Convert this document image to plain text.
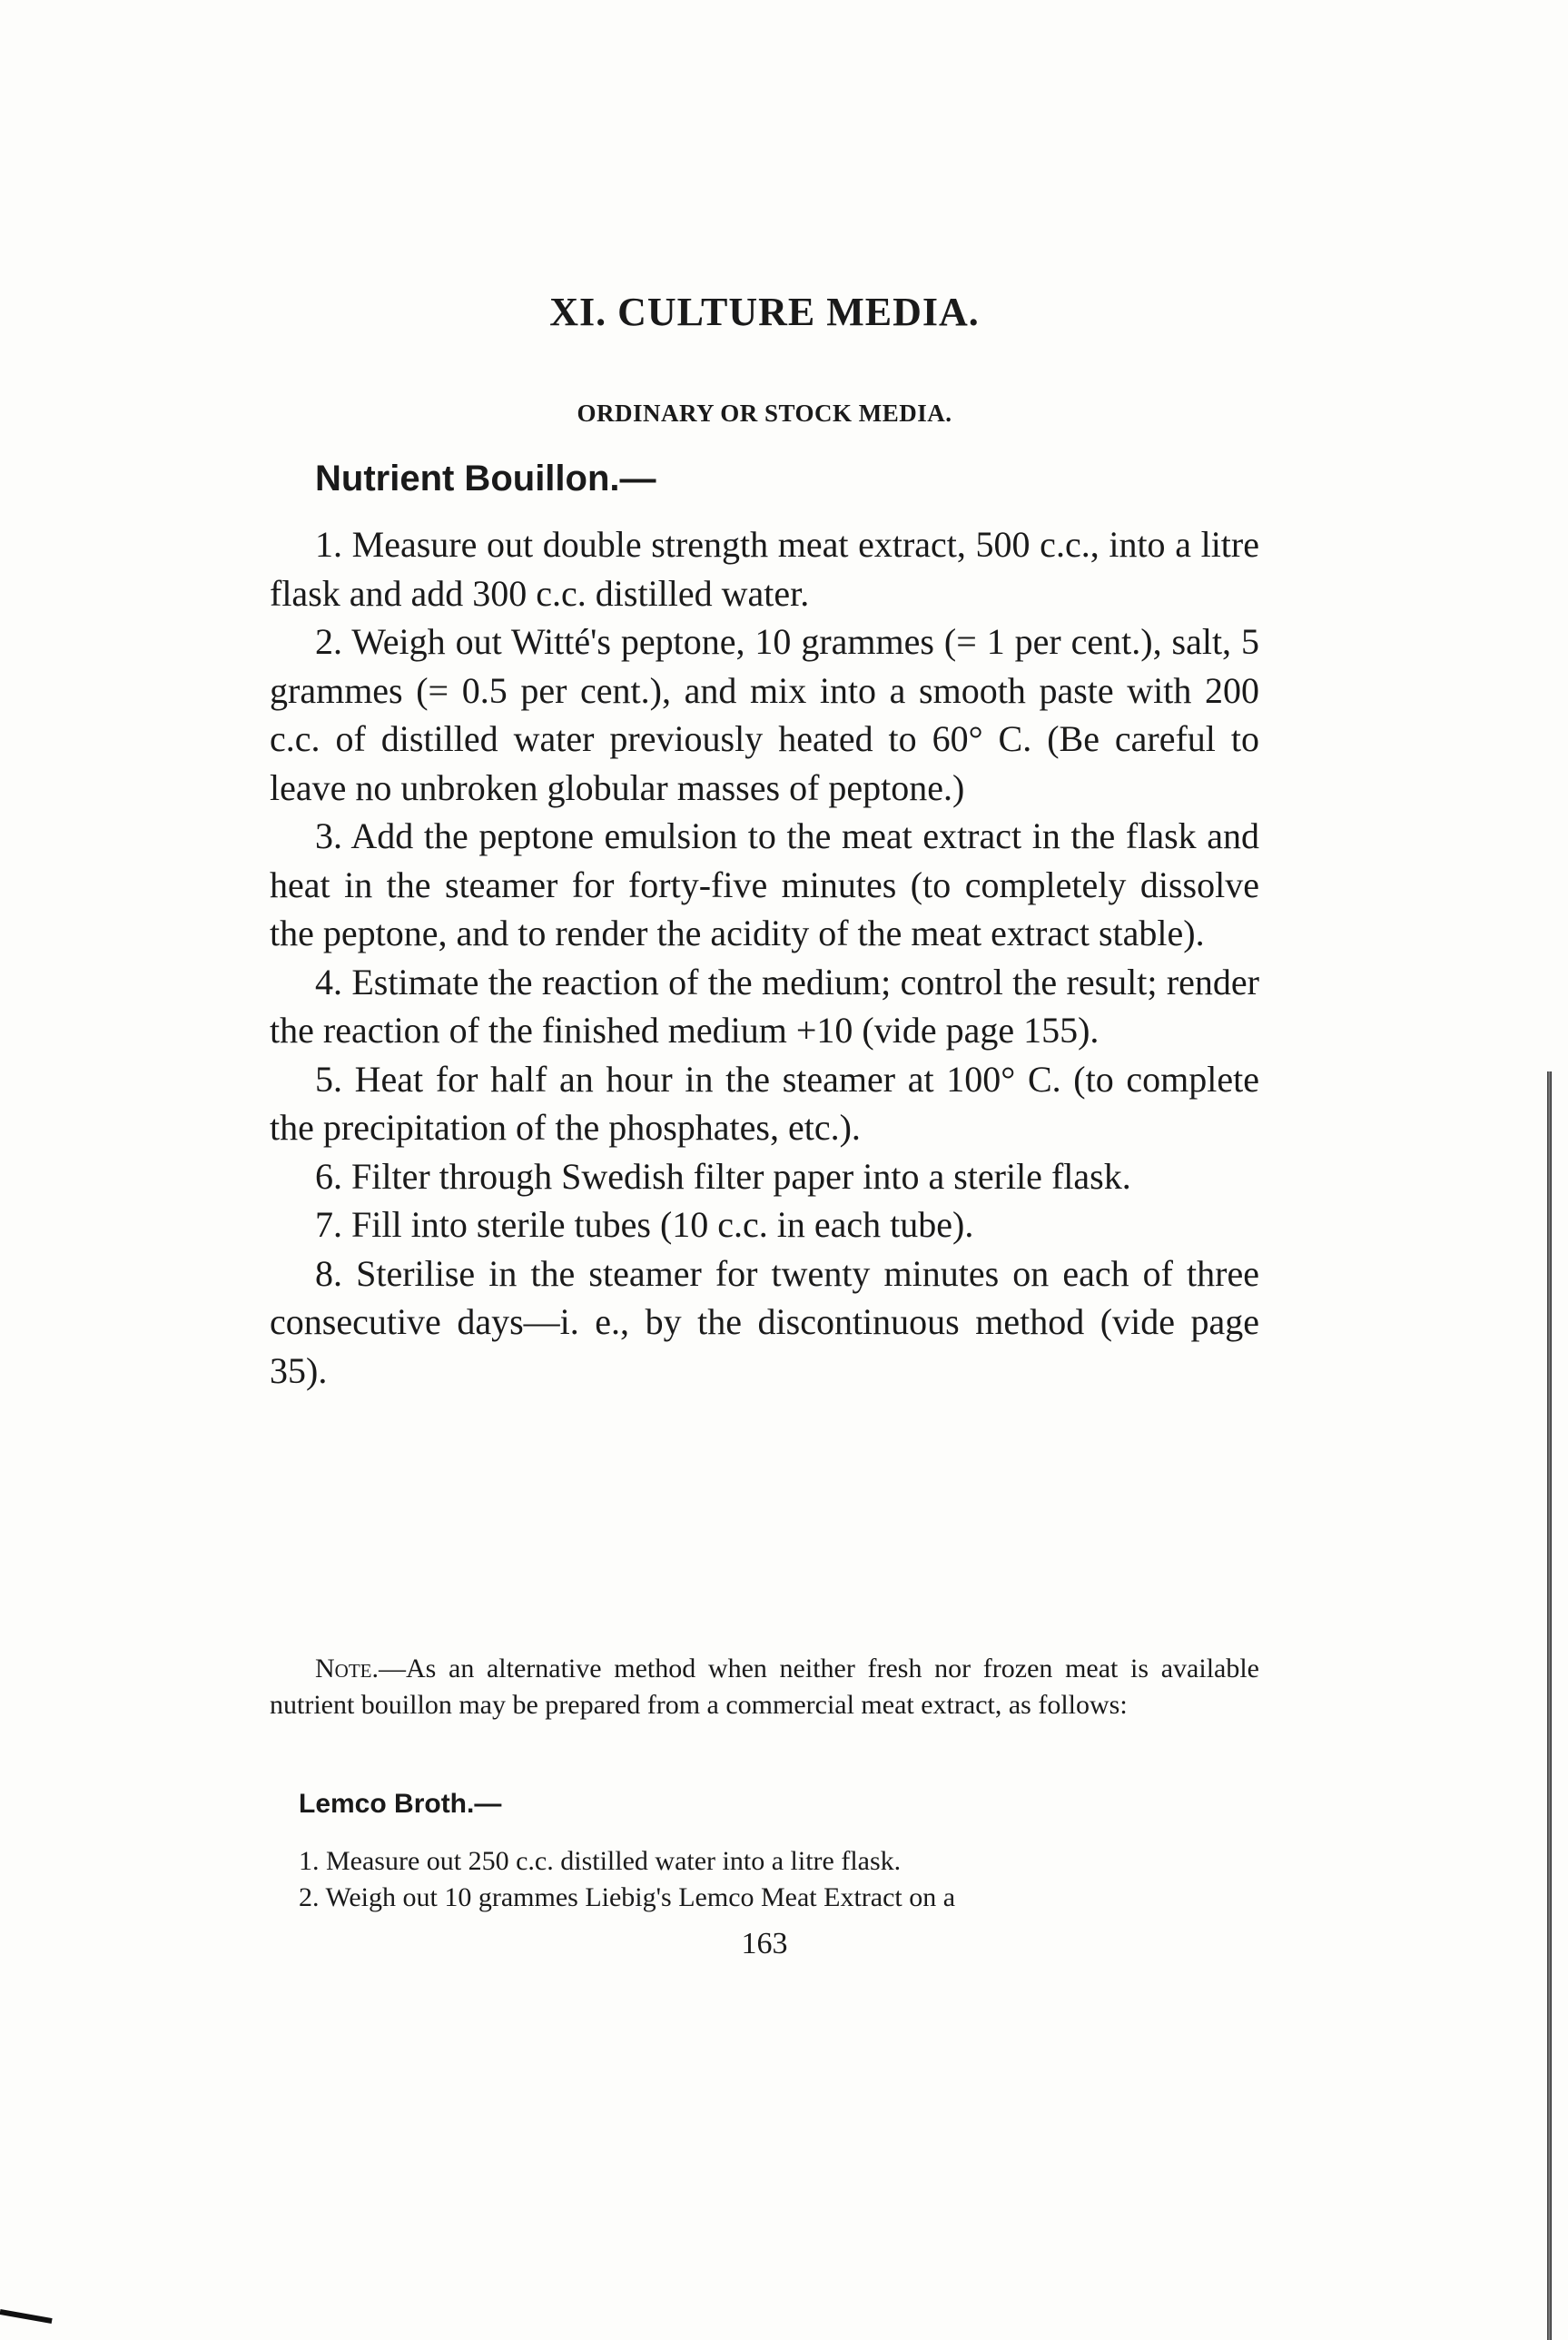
XI. CULTURE MEDIA.
ORDINARY OR STOCK MEDIA.
Nutrient Bouillon.—
1. Measure out double strength meat extract, 500 c.c., into a litre flask and add 300 c.c. distilled water.
2. Weigh out Witté's peptone, 10 grammes (= 1 per cent.), salt, 5 grammes (= 0.5 per cent.), and mix into a smooth paste with 200 c.c. of distilled water previously heated to 60° C. (Be careful to leave no unbroken globular masses of peptone.)
3. Add the peptone emulsion to the meat extract in the flask and heat in the steamer for forty-five minutes (to completely dissolve the peptone, and to render the acidity of the meat extract stable).
4. Estimate the reaction of the medium; control the result; render the reaction of the finished medium +10 (vide page 155).
5. Heat for half an hour in the steamer at 100° C. (to complete the precipitation of the phosphates, etc.).
6. Filter through Swedish filter paper into a sterile flask.
7. Fill into sterile tubes (10 c.c. in each tube).
8. Sterilise in the steamer for twenty minutes on each of three consecutive days—i. e., by the discontinuous method (vide page 35).

Note.—As an alternative method when neither fresh nor frozen meat is available nutrient bouillon may be prepared from a commercial meat extract, as follows:

Lemco Broth.—
1. Measure out 250 c.c. distilled water into a litre flask.
2. Weigh out 10 grammes Liebig's Lemco Meat Extract on a

163
